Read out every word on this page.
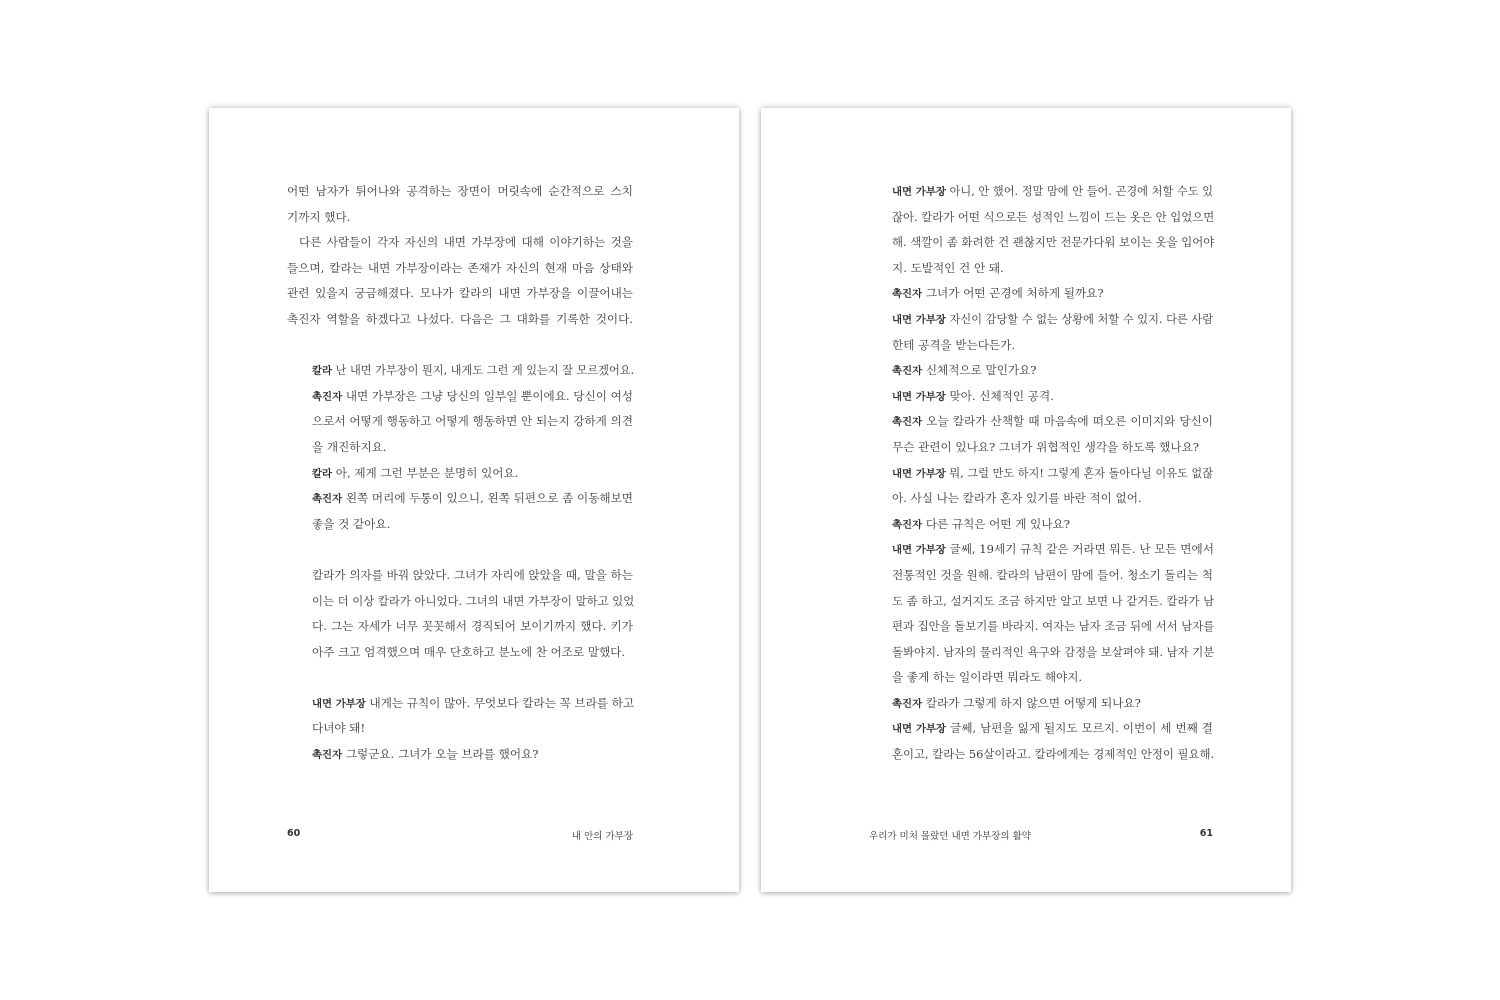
어떤 남자가 튀어나와 공격하는 장면이 머릿속에 순간적으로 스치
기까지 했다.
다른 사람들이 각자 자신의 내면 가부장에 대해 이야기하는 것을
들으며, 칼라는 내면 가부장이라는 존재가 자신의 현재 마음 상태와
관련 있을지 궁금해졌다. 모나가 칼라의 내면 가부장을 이끌어내는
촉진자 역할을 하겠다고 나섰다. 다음은 그 대화를 기록한 것이다.
칼라 난 내면 가부장이 뭔지, 내게도 그런 게 있는지 잘 모르겠어요.
촉진자 내면 가부장은 그냥 당신의 일부일 뿐이에요. 당신이 여성
으로서 어떻게 행동하고 어떻게 행동하면 안 되는지 강하게 의견
을 개진하지요.
칼라 아, 제게 그런 부분은 분명히 있어요.
촉진자 왼쪽 머리에 두통이 있으니, 왼쪽 뒤편으로 좀 이동해보면
좋을 것 같아요.
칼라가 의자를 바꿔 앉았다. 그녀가 자리에 앉았을 때, 말을 하는
이는 더 이상 칼라가 아니었다. 그녀의 내면 가부장이 말하고 있었
다. 그는 자세가 너무 꼿꼿해서 경직되어 보이기까지 했다. 키가
아주 크고 엄격했으며 매우 단호하고 분노에 찬 어조로 말했다.
내면 가부장 내게는 규칙이 많아. 무엇보다 칼라는 꼭 브라를 하고
다녀야 돼!
촉진자 그렇군요. 그녀가 오늘 브라를 했어요?
60	내 안의 가부장
내면 가부장 아니, 안 했어. 정말 맘에 안 들어. 곤경에 처할 수도 있
잖아. 칼라가 어떤 식으로든 성적인 느낌이 드는 옷은 안 입었으면
해. 색깔이 좀 화려한 건 괜찮지만 전문가다워 보이는 옷을 입어야
지. 도발적인 건 안 돼.
촉진자 그녀가 어떤 곤경에 처하게 될까요?
내면 가부장 자신이 감당할 수 없는 상황에 처할 수 있지. 다른 사람
한테 공격을 받는다든가.
촉진자 신체적으로 말인가요?
내면 가부장 맞아. 신체적인 공격.
촉진자 오늘 칼라가 산책할 때 마음속에 떠오른 이미지와 당신이
무슨 관련이 있나요? 그녀가 위협적인 생각을 하도록 했나요?
내면 가부장 뭐, 그럴 만도 하지! 그렇게 혼자 돌아다닐 이유도 없잖
아. 사실 나는 칼라가 혼자 있기를 바란 적이 없어.
촉진자 다른 규칙은 어떤 게 있나요?
내면 가부장 글쎄, 19세기 규칙 같은 거라면 뭐든. 난 모든 면에서
전통적인 것을 원해. 칼라의 남편이 맘에 들어. 청소기 돌리는 척
도 좀 하고, 설거지도 조금 하지만 알고 보면 나 같거든. 칼라가 남
편과 집안을 돌보기를 바라지. 여자는 남자 조금 뒤에 서서 남자를
돌봐야지. 남자의 물리적인 욕구와 감정을 보살펴야 돼. 남자 기분
을 좋게 하는 일이라면 뭐라도 해야지.
촉진자 칼라가 그렇게 하지 않으면 어떻게 되나요?
내면 가부장 글쎄, 남편을 잃게 될지도 모르지. 이번이 세 번째 결
혼이고, 칼라는 56살이라고. 칼라에게는 경제적인 안정이 필요해.
우리가 미처 몰랐던 내면 가부장의 활약	61
